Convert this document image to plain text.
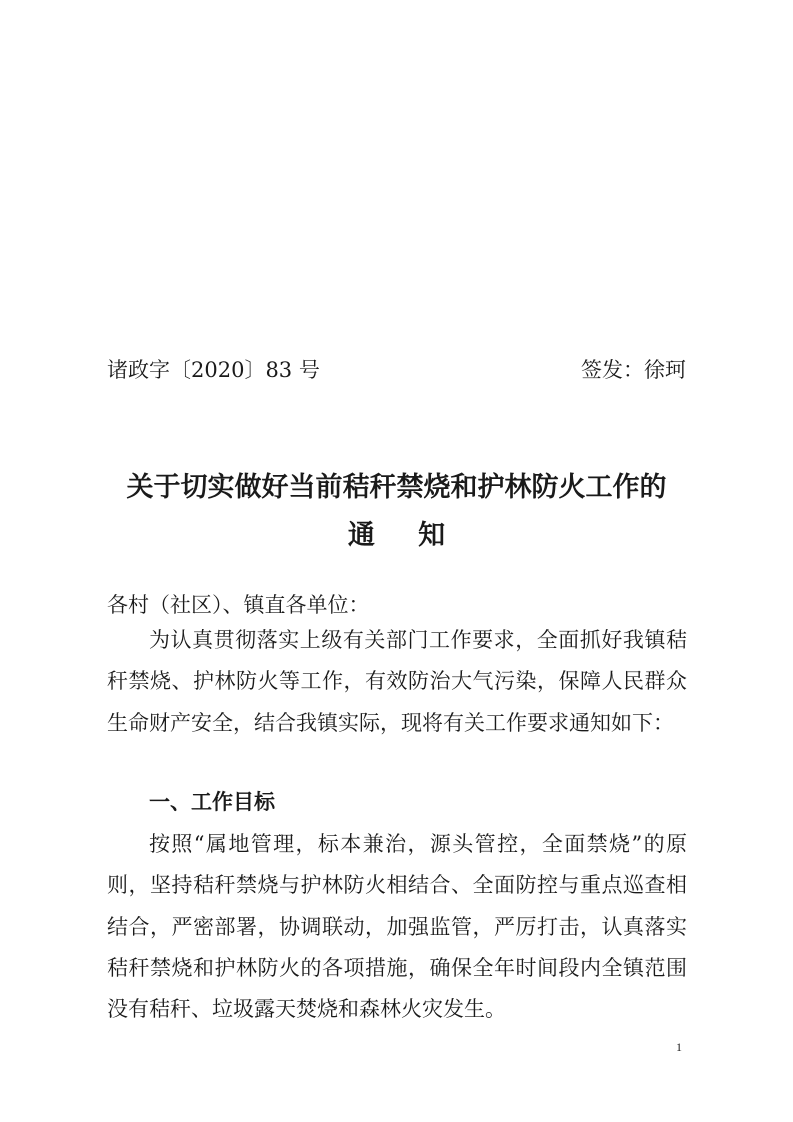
诸政字〔2020〕83 号	签发：徐珂
关于切实做好当前秸秆禁烧和护林防火工作的
通知
各村（社区）、镇直各单位：

为认真贯彻落实上级有关部门工作要求，全面抓好我镇秸秆禁烧、护林防火等工作，有效防治大气污染，保障人民群众生命财产安全，结合我镇实际，现将有关工作要求通知如下：

一、工作目标

按照“属地管理，标本兼治，源头管控，全面禁烧”的原则，坚持秸秆禁烧与护林防火相结合、全面防控与重点巡查相结合，严密部署，协调联动，加强监管，严厉打击，认真落实秸秆禁烧和护林防火的各项措施，确保全年时间段内全镇范围没有秸秆、垃圾露天焚烧和森林火灾发生。

1
